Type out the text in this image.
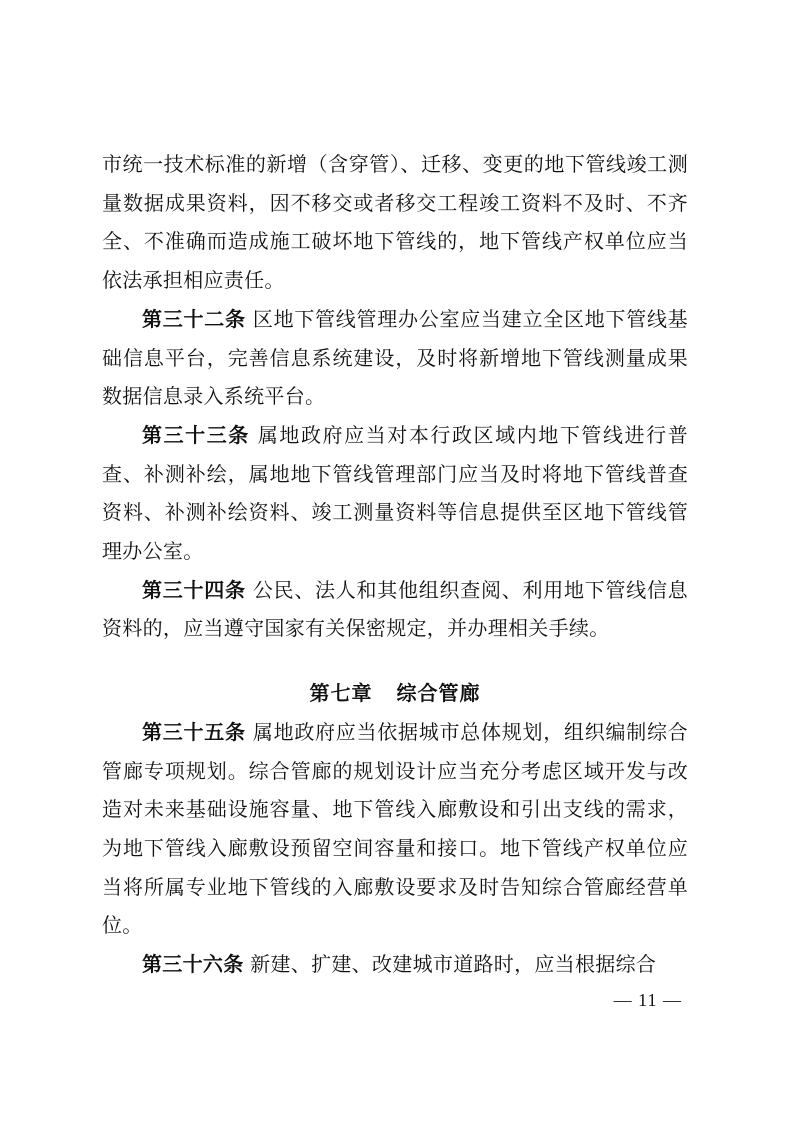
市统一技术标准的新增（含穿管）、迁移、变更的地下管线竣工测量数据成果资料，因不移交或者移交工程竣工资料不及时、不齐全、不准确而造成施工破坏地下管线的，地下管线产权单位应当依法承担相应责任。

第三十二条 区地下管线管理办公室应当建立全区地下管线基础信息平台，完善信息系统建设，及时将新增地下管线测量成果数据信息录入系统平台。

第三十三条 属地政府应当对本行政区域内地下管线进行普查、补测补绘，属地地下管线管理部门应当及时将地下管线普查资料、补测补绘资料、竣工测量资料等信息提供至区地下管线管理办公室。

第三十四条 公民、法人和其他组织查阅、利用地下管线信息资料的，应当遵守国家有关保密规定，并办理相关手续。

第七章 综合管廊

第三十五条 属地政府应当依据城市总体规划，组织编制综合管廊专项规划。综合管廊的规划设计应当充分考虑区域开发与改造对未来基础设施容量、地下管线入廊敷设和引出支线的需求，为地下管线入廊敷设预留空间容量和接口。地下管线产权单位应当将所属专业地下管线的入廊敷设要求及时告知综合管廊经营单位。

第三十六条 新建、扩建、改建城市道路时，应当根据综合

— 11 —
